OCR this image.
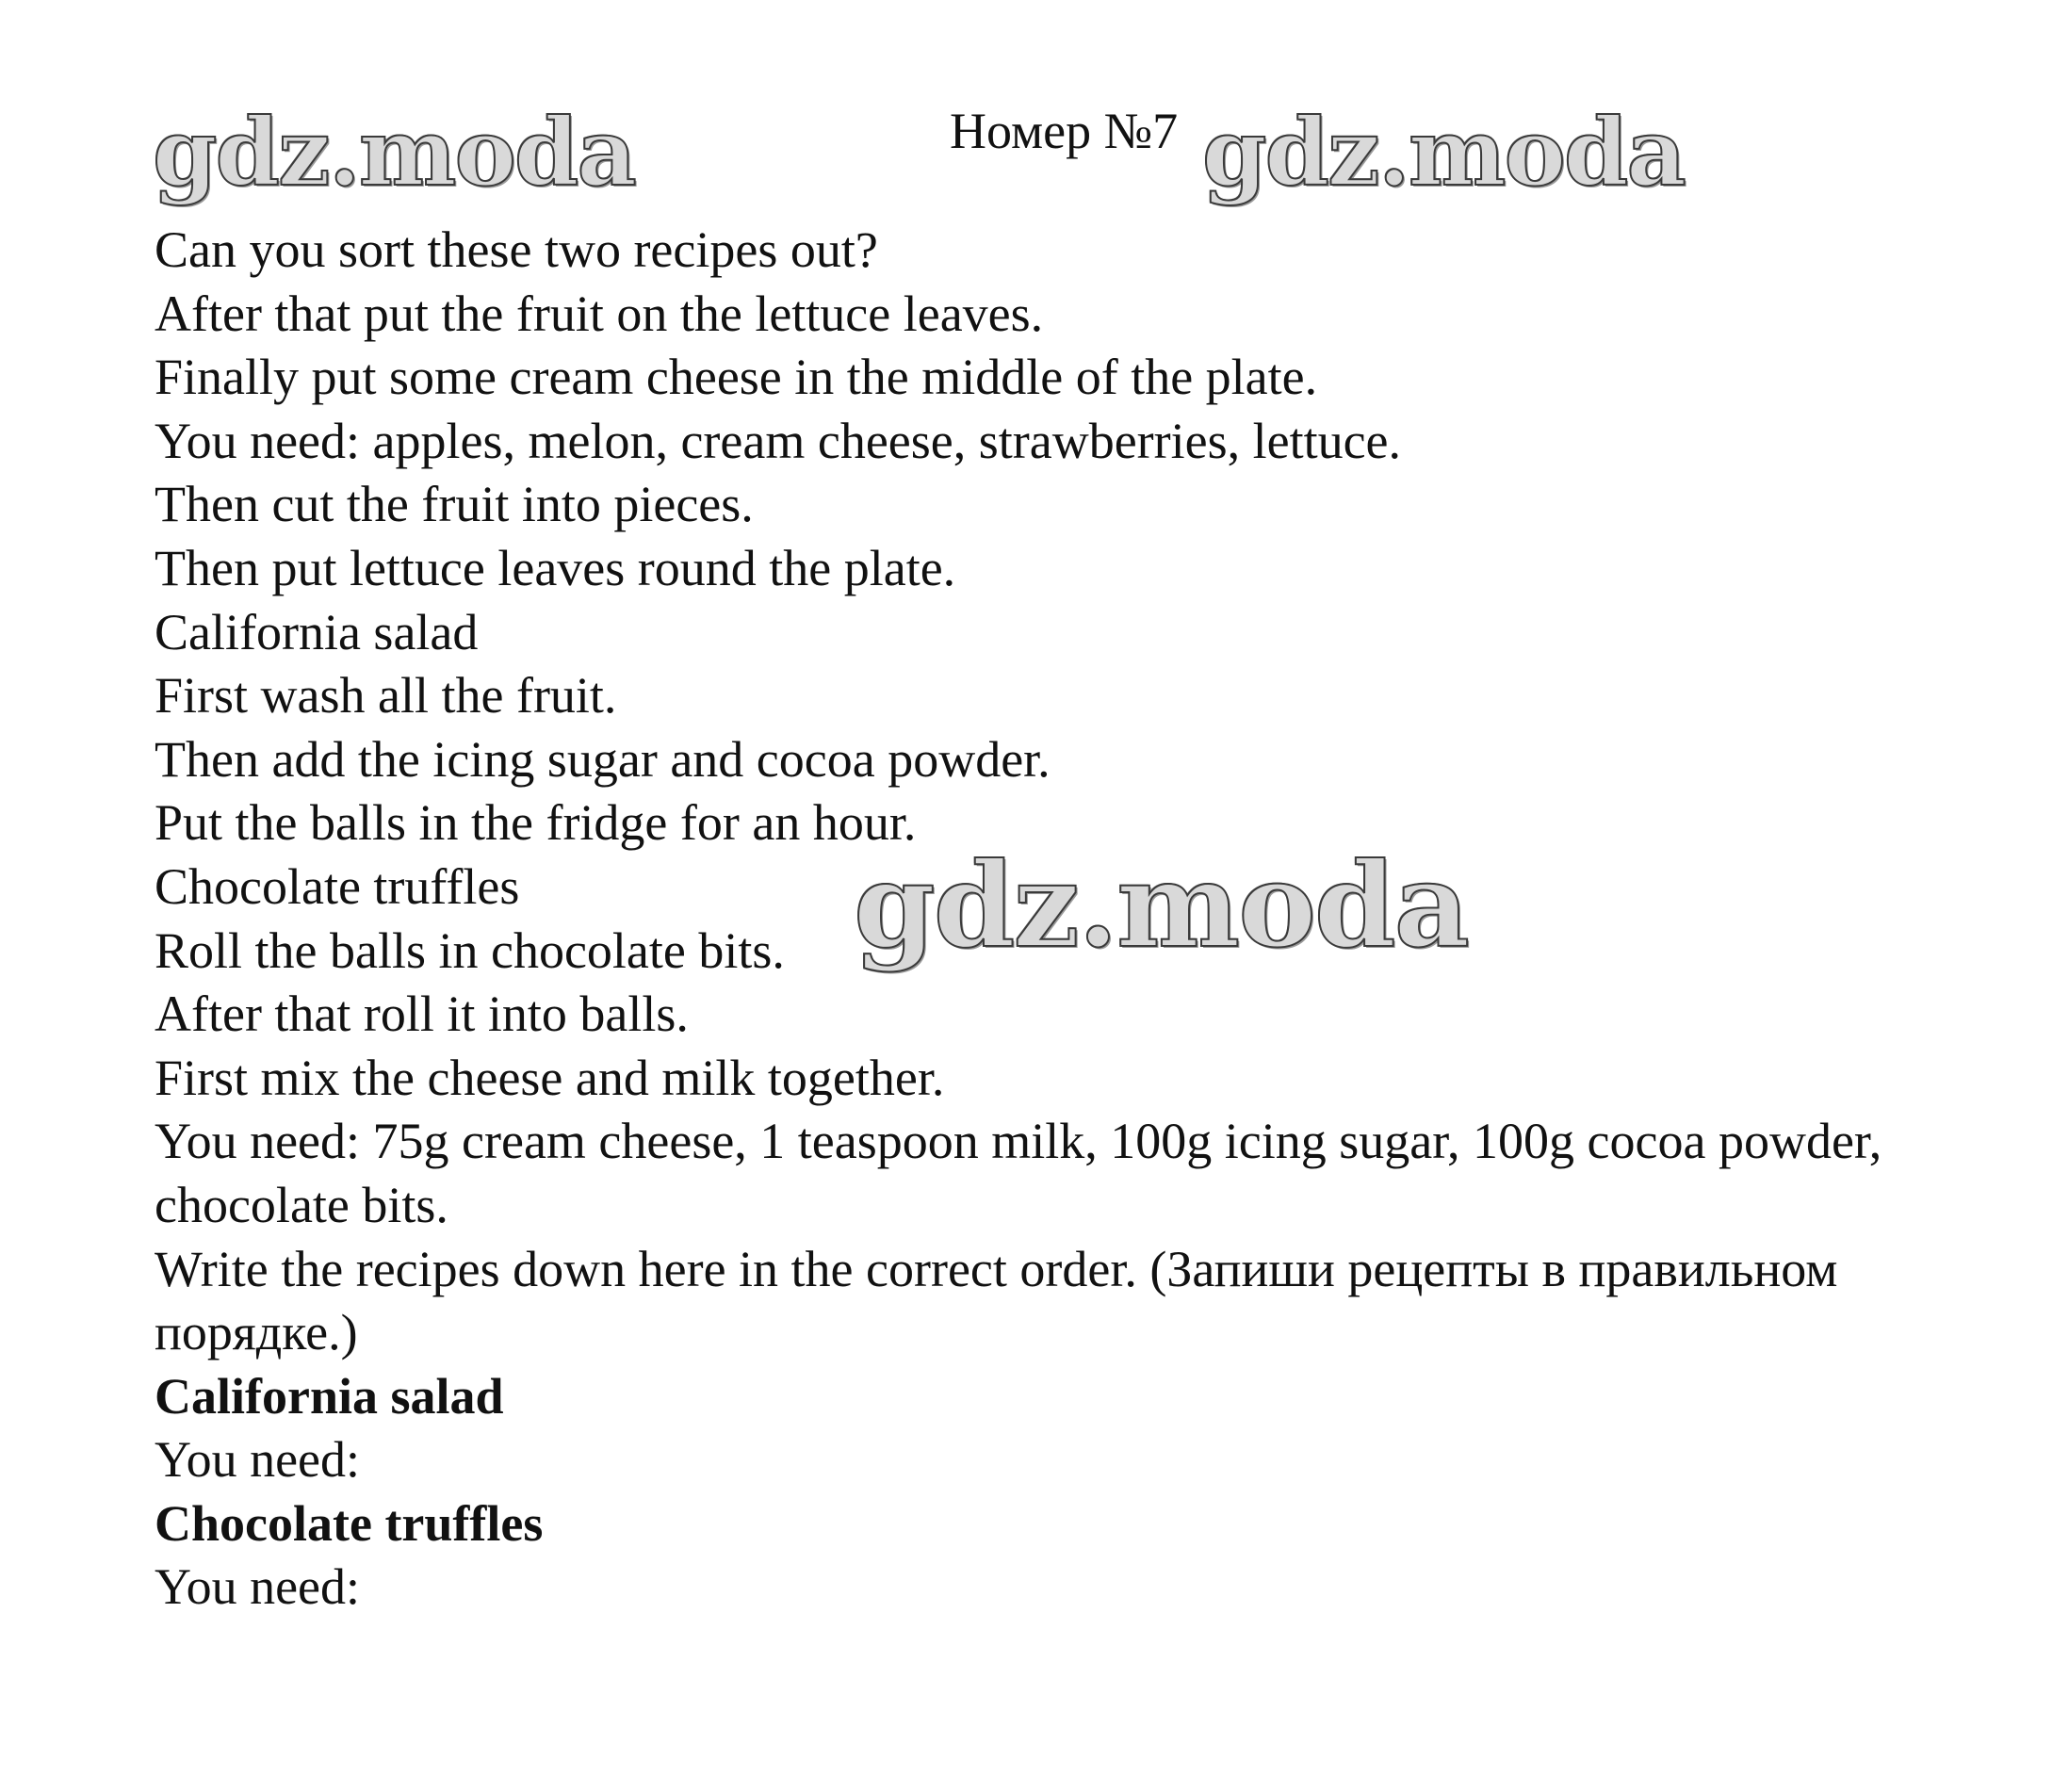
gdz.moda	Номер №7 gdz.moda
Can you sort these two recipes out?
After that put the fruit on the lettuce leaves.
Finally put some cream cheese in the middle of the plate.
You need: apples, melon, cream cheese, strawberries, lettuce.
Then cut the fruit into pieces.
Then put lettuce leaves round the plate.
California salad
First wash all the fruit.
Then add the icing sugar and cocoa powder.
Put the balls in the fridge for an hour.
Chocolate truffles
Roll the balls in chocolate bits.
After that roll it into balls.
First mix the cheese and milk together.
You need: 75g cream cheese, 1 teaspoon milk, 100g icing sugar, 100g cocoa powder, chocolate bits.
Write the recipes down here in the correct order. (Запиши рецепты в правильном порядке.)
California salad
You need:
Chocolate truffles
You need:
gdz.moda
